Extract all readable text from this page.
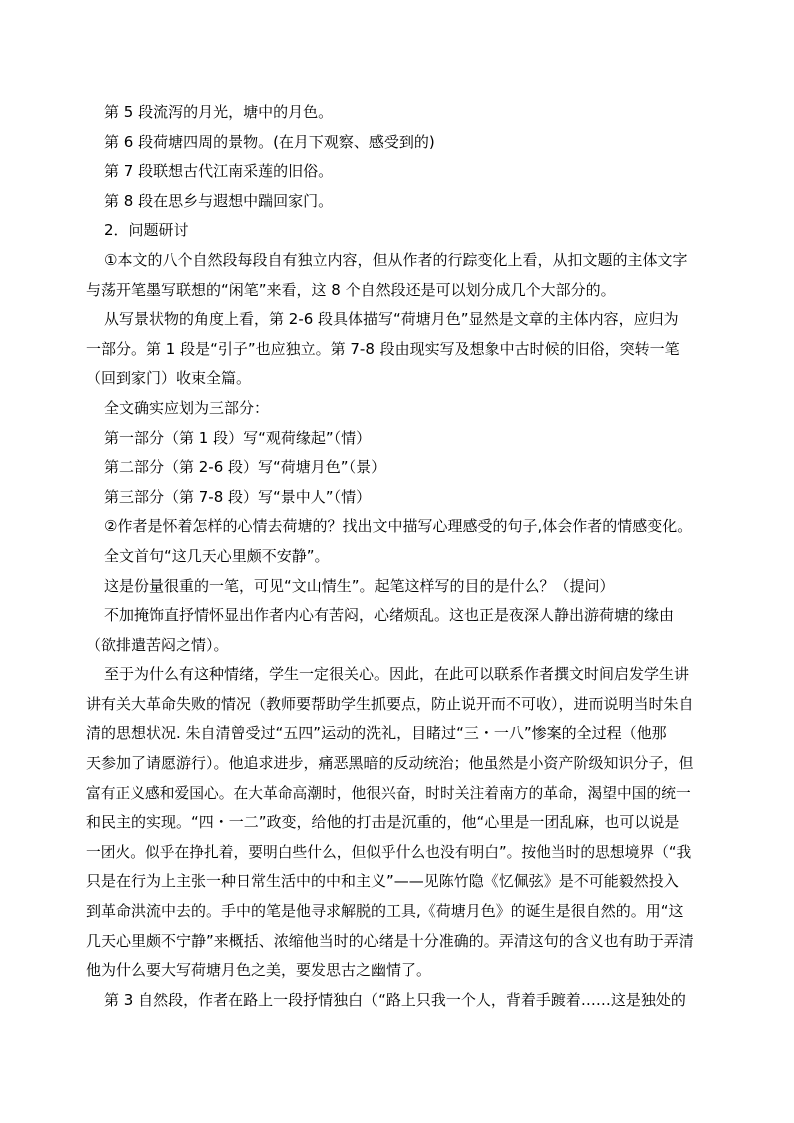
第 5 段流泻的月光，塘中的月色。

第 6 段荷塘四周的景物。(在月下观察、感受到的)

第 7 段联想古代江南采莲的旧俗。

第 8 段在思乡与遐想中踹回家门。

2．问题研讨

①本文的八个自然段每段自有独立内容，但从作者的行踪变化上看，从扣文题的主体文字

与荡开笔墨写联想的“闲笔”来看，这 8 个自然段还是可以划分成几个大部分的。

从写景状物的角度上看，第 2-6 段具体描写“荷塘月色”显然是文章的主体内容，应归为

一部分。第 1 段是“引子”也应独立。第 7-8 段由现实写及想象中古时候的旧俗，突转一笔

（回到家门）收束全篇。

全文确实应划为三部分：

第一部分（第 1 段）写“观荷缘起”（情）

第二部分（第 2-6 段）写“荷塘月色”（景）

第三部分（第 7-8 段）写“景中人”（情）

②作者是怀着怎样的心情去荷塘的？找出文中描写心理感受的句子,体会作者的情感变化。

全文首句“这几天心里颇不安静”。

这是份量很重的一笔，可见“文山情生”。起笔这样写的目的是什么？（提问）

不加掩饰直抒情怀显出作者内心有苦闷，心绪烦乱。这也正是夜深人静出游荷塘的缘由

（欲排遣苦闷之情）。

至于为什么有这种情绪，学生一定很关心。因此，在此可以联系作者撰文时间启发学生讲

讲有关大革命失败的情况（教师要帮助学生抓要点，防止说开而不可收），进而说明当时朱自

清的思想状况. 朱自清曾受过“五四”运动的洗礼，目睹过“三・一八”惨案的全过程（他那

天参加了请愿游行）。他追求进步，痛恶黑暗的反动统治；他虽然是小资产阶级知识分子，但

富有正义感和爱国心。在大革命高潮时，他很兴奋，时时关注着南方的革命，渴望中国的统一

和民主的实现。“四・一二”政变，给他的打击是沉重的，他“心里是一团乱麻，也可以说是

一团火。似乎在挣扎着，要明白些什么，但似乎什么也没有明白”。按他当时的思想境界（“我

只是在行为上主张一种日常生活中的中和主义”——见陈竹隐《忆佩弦》是不可能毅然投入

到革命洪流中去的。手中的笔是他寻求解脱的工具,《荷塘月色》的诞生是很自然的。用“这

几天心里颇不宁静”来概括、浓缩他当时的心绪是十分准确的。弄清这句的含义也有助于弄清

他为什么要大写荷塘月色之美，要发思古之幽情了。

第 3 自然段，作者在路上一段抒情独白（“路上只我一个人，背着手踱着……这是独处的
